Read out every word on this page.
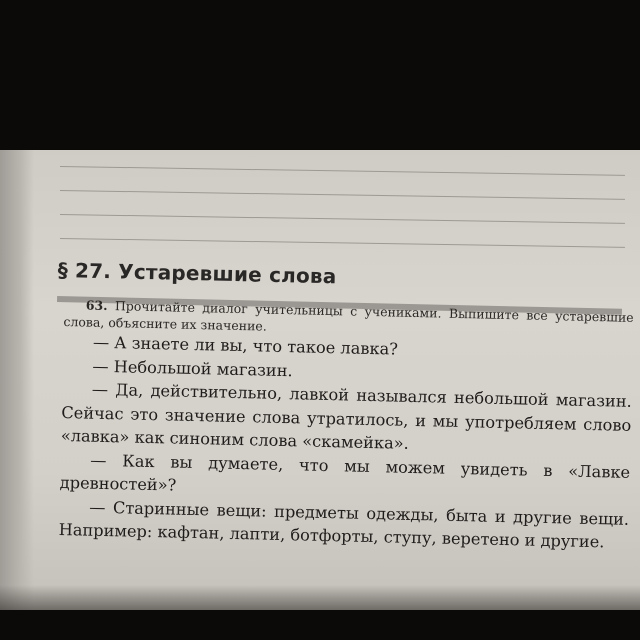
§ 27. Устаревшие слова

63. Прочитайте диалог учительницы с учениками. Выпишите все устаревшие слова, объясните их значение.

— А знаете ли вы, что такое лавка?

— Небольшой магазин.

— Да, действительно, лавкой назывался небольшой магазин. Сейчас это значение слова утратилось, и мы употребляем слово «лавка» как синоним слова «скамейка».

— Как вы думаете, что мы можем увидеть в «Лавке древностей»?

— Старинные вещи: предметы одежды, быта и другие вещи. Например: кафтан, лапти, ботфорты, ступу, веретено и другие.
